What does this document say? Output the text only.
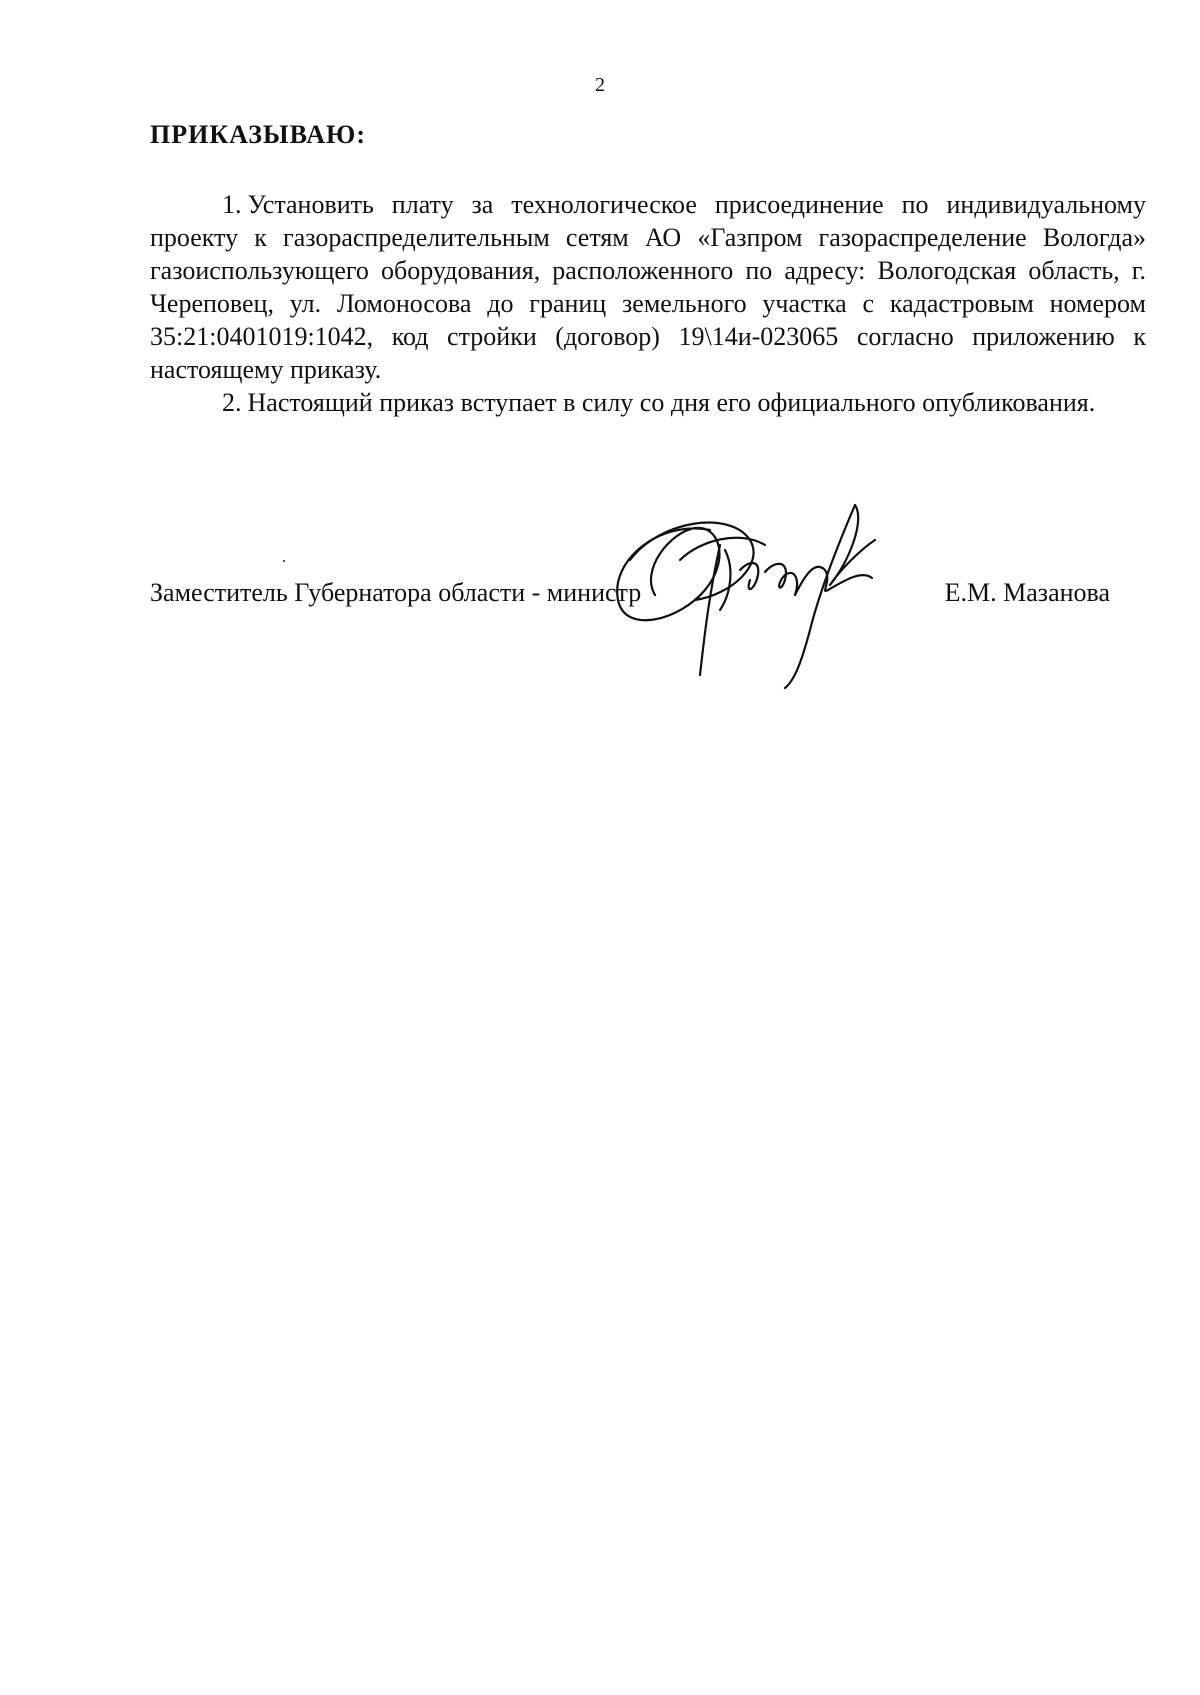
2
ПРИКАЗЫВАЮ:

1. Установить плату за технологическое присоединение по индивидуальному проекту к газораспределительным сетям АО «Газпром газораспределение Вологда» газоиспользующего оборудования, расположенного по адресу: Вологодская область, г. Череповец, ул. Ломоносова до границ земельного участка с кадастровым номером 35:21:0401019:1042, код стройки (договор) 19\14и-023065 согласно приложению к настоящему приказу.

2. Настоящий приказ вступает в силу со дня его официального опубликования.

Заместитель Губернатора области - министр	Е.М. Мазанова
